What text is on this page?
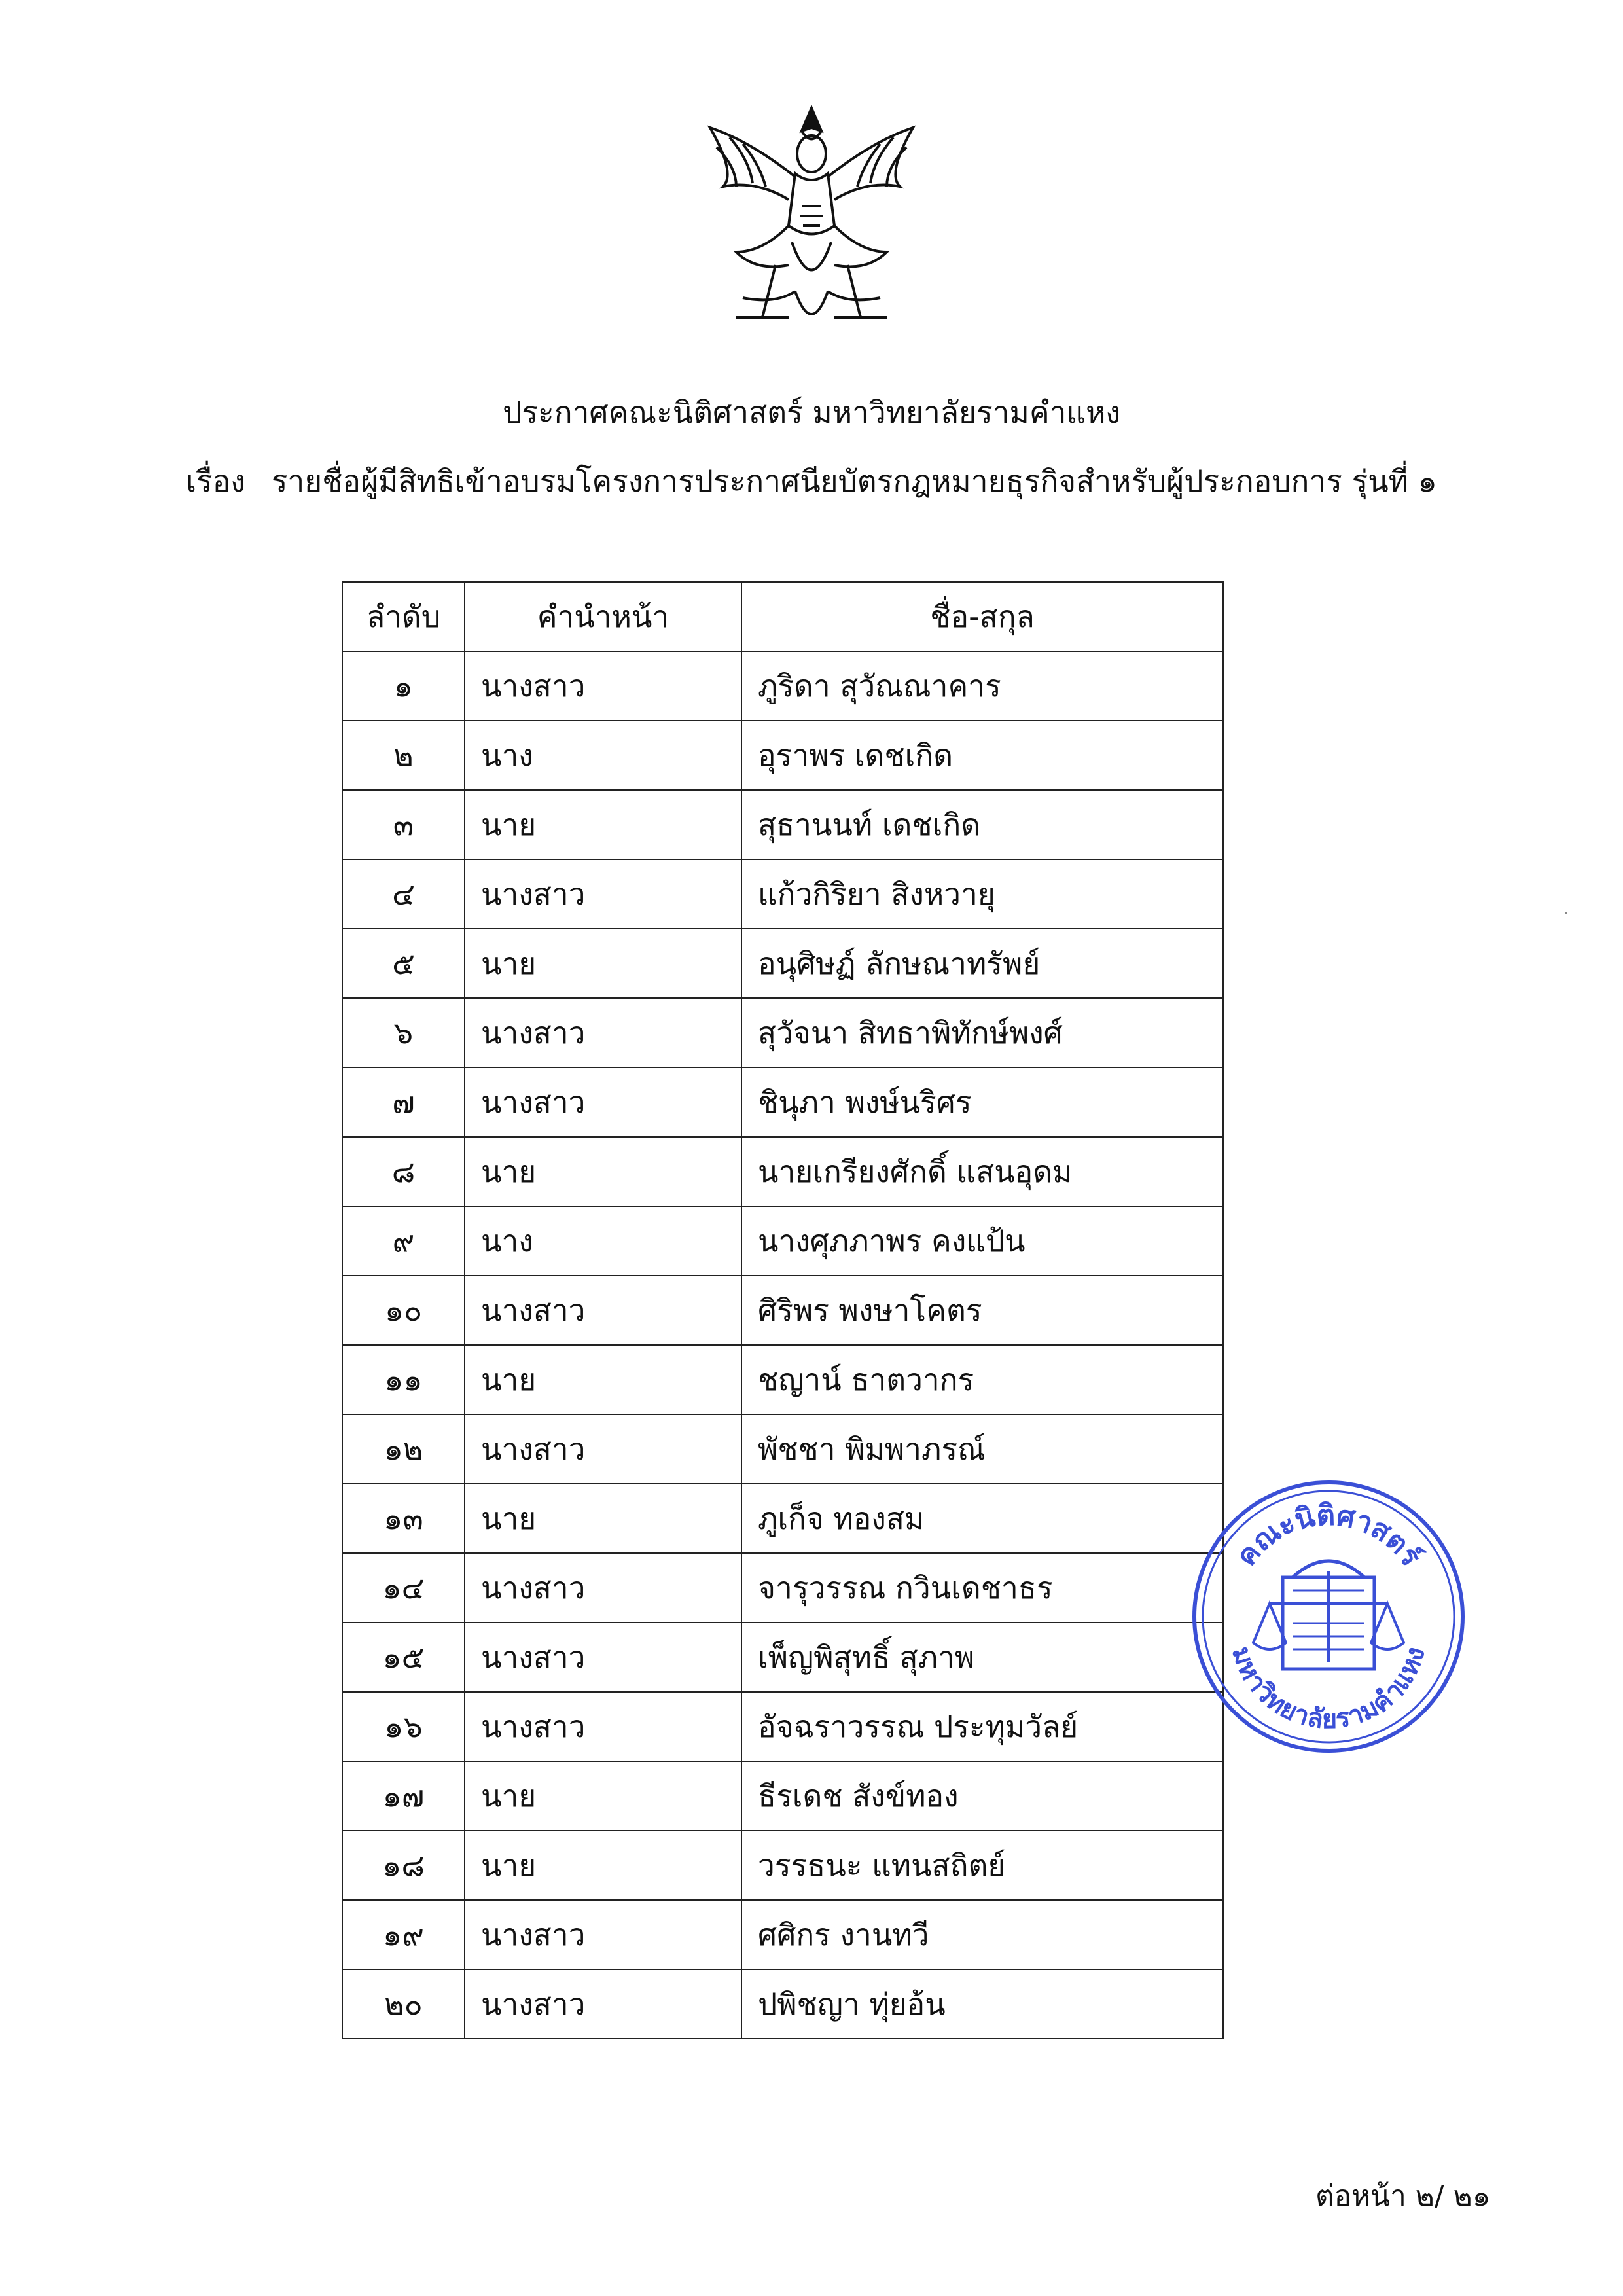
ประกาศคณะนิติศาสตร์ มหาวิทยาลัยรามคำแหง
เรื่อง รายชื่อผู้มีสิทธิเข้าอบรมโครงการประกาศนียบัตรกฎหมายธุรกิจสำหรับผู้ประกอบการ รุ่นที่ ๑
ลำดับ	คำนำหน้า	ชื่อ-สกุล
๑	นางสาว	ภูริดา สุวัณณาคาร
๒	นาง	อุราพร เดชเกิด
๓	นาย	สุธานนท์ เดชเกิด
๔	นางสาว	แก้วกิริยา สิงหวายุ
๕	นาย	อนุศิษฏ์ ลักษณาทรัพย์
๖	นางสาว	สุวัจนา สิทธาพิทักษ์พงศ์
๗	นางสาว	ชินุภา พงษ์นริศร
๘	นาย	นายเกรียงศักดิ์ แสนอุดม
๙	นาง	นางศุภภาพร คงแป้น
๑๐	นางสาว	ศิริพร พงษาโคตร
๑๑	นาย	ชญาน์ ธาตวากร
๑๒	นางสาว	พัชชา พิมพาภรณ์
๑๓	นาย	ภูเก็จ ทองสม
๑๔	นางสาว	จารุวรรณ กวินเดชาธร
๑๕	นางสาว	เพ็ญพิสุทธิ์ สุภาพ
๑๖	นางสาว	อัจฉราวรรณ ประทุมวัลย์
๑๗	นาย	ธีรเดช สังข์ทอง
๑๘	นาย	วรรธนะ แทนสถิตย์
๑๙	นางสาว	ศศิกร งานทวี
๒๐	นางสาว	ปพิชญา ทุ่ยอ้น
คณะนิติศาสตร์
มหาวิทยาลัยรามคำแหง
ต่อหน้า ๒/ ๒๑
